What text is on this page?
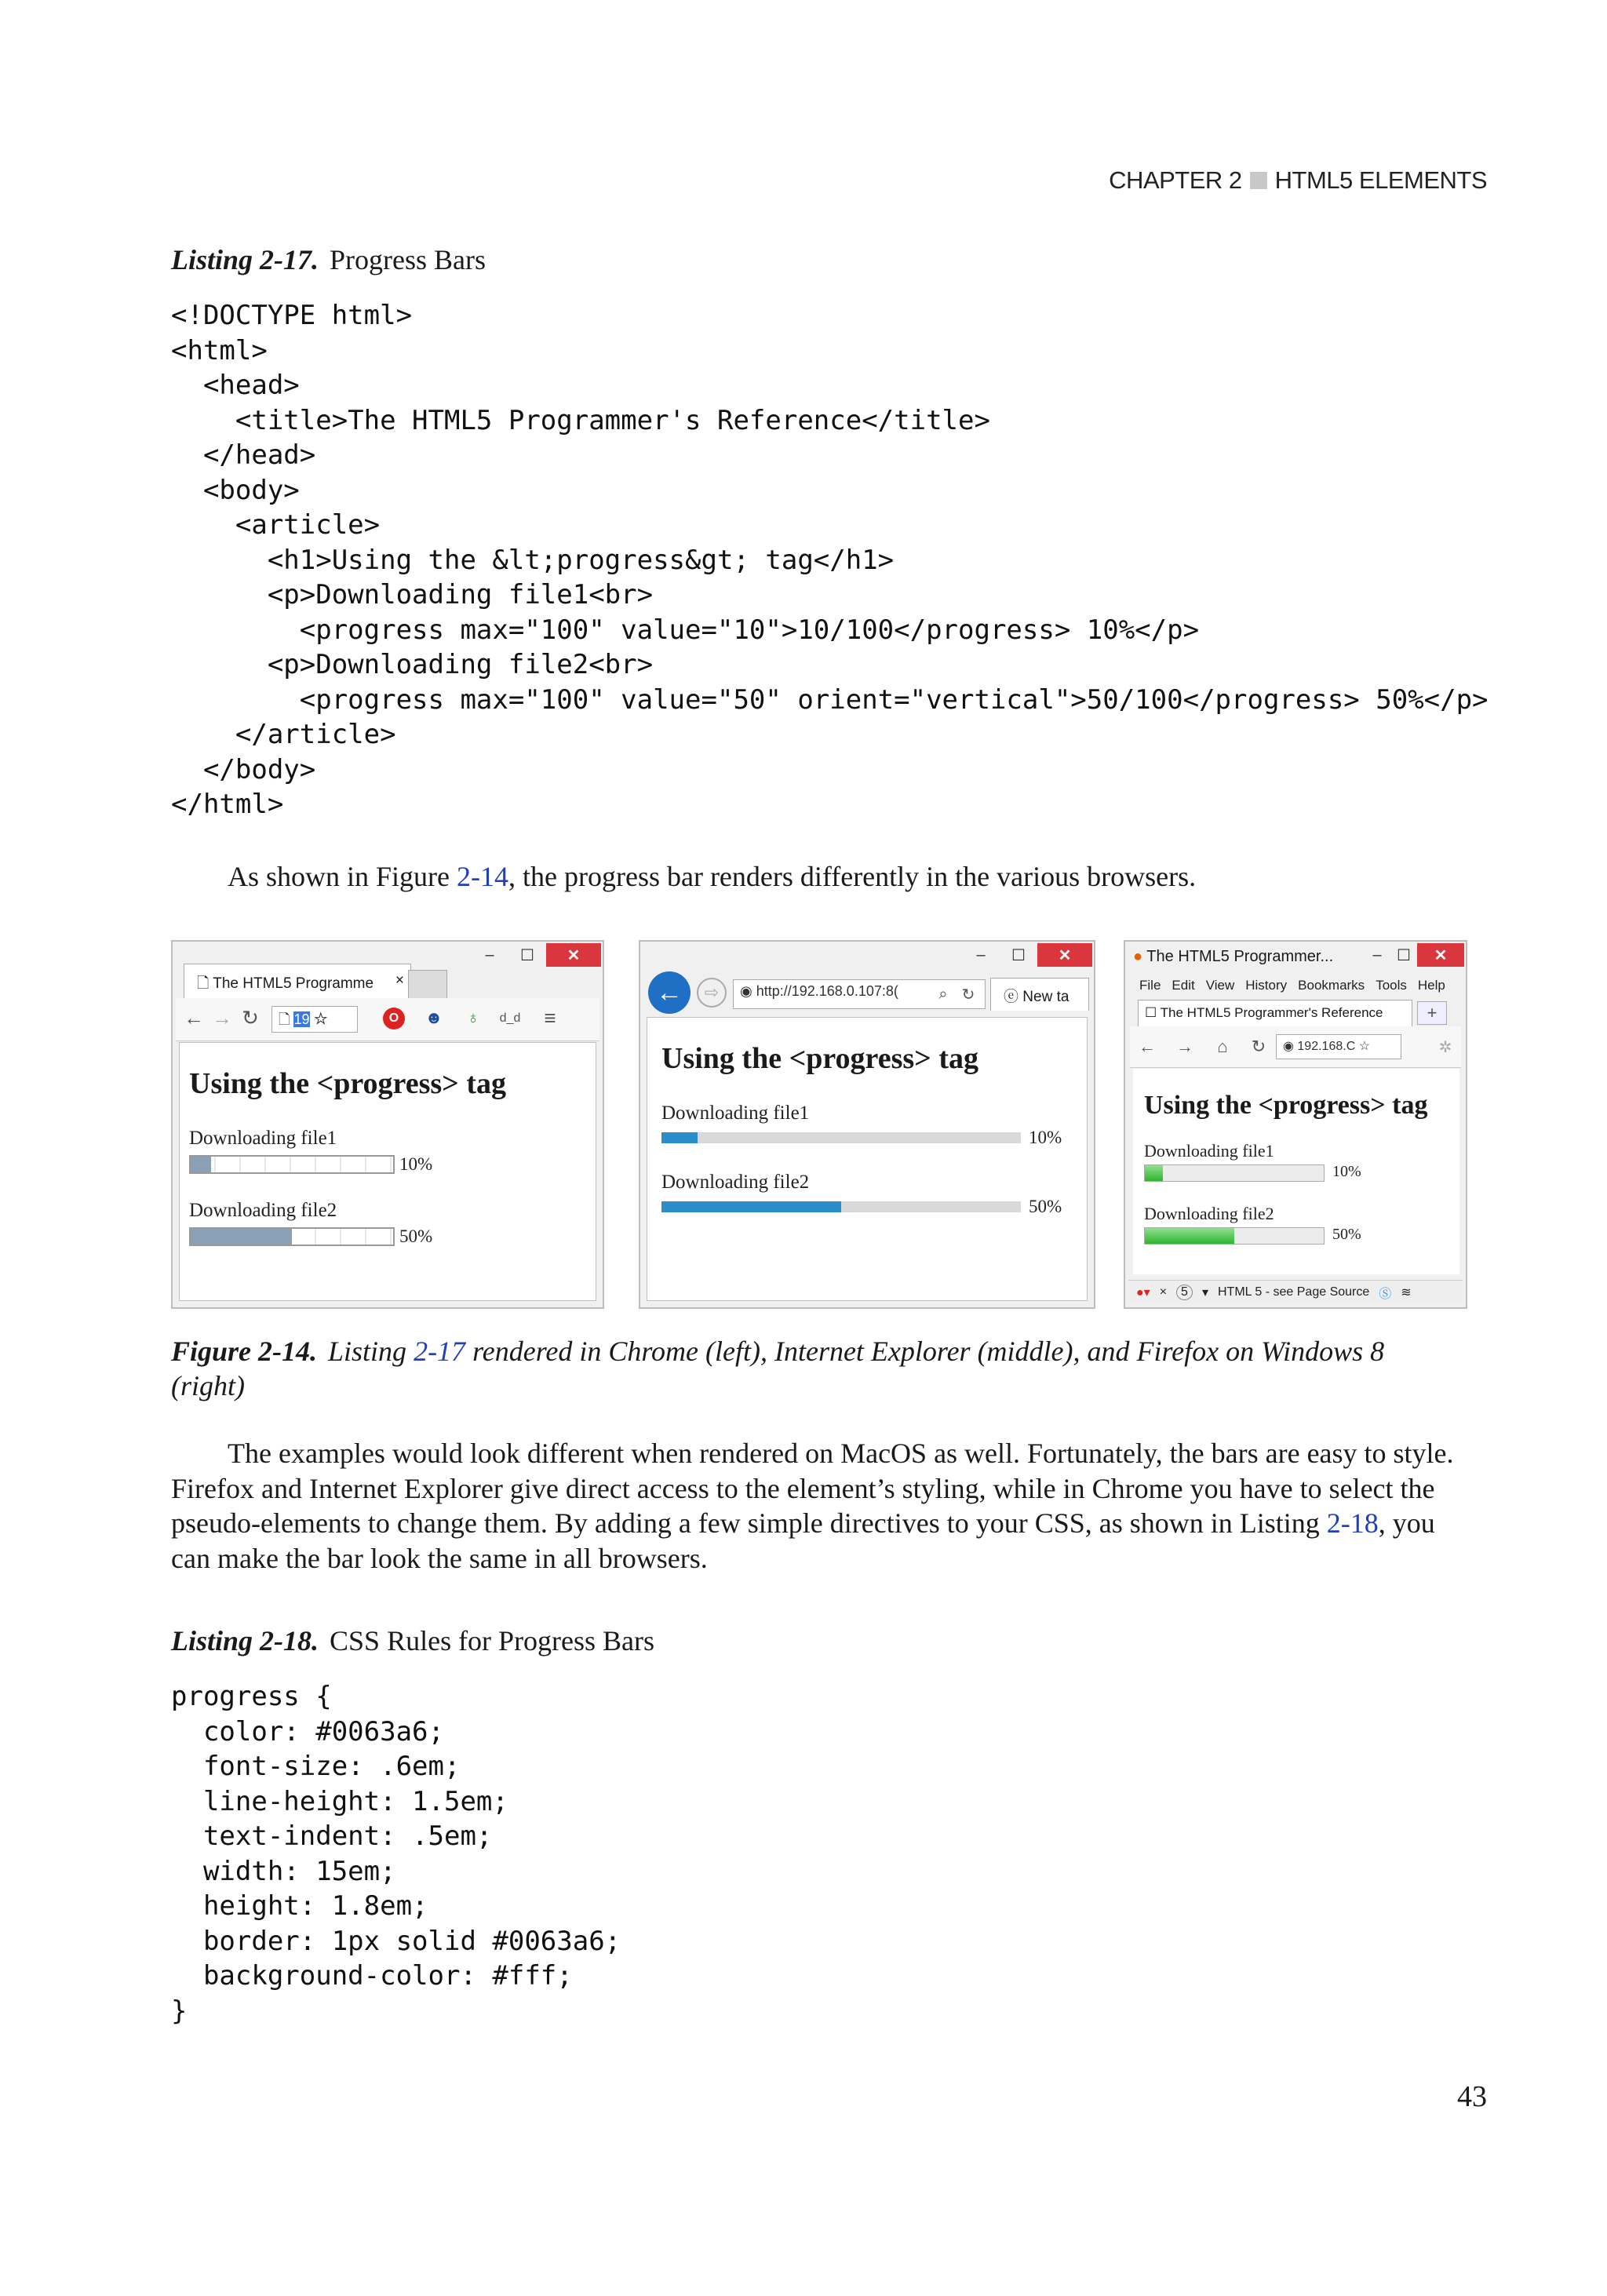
CHAPTER 2 HTML5 ELEMENTS
Listing 2-17. Progress Bars
<!DOCTYPE html>
<html>
<head>
<title>The HTML5 Programmer's Reference</title>
</head>
<body>
<article>
<h1>Using the &lt;progress&gt; tag</h1>
<p>Downloading file1<br>
<progress max="100" value="10">10/100</progress> 10%</p>
<p>Downloading file2<br>
<progress max="100" value="50" orient="vertical">50/100</progress> 50%</p>
</article>
</body>
</html>

As shown in Figure 2-14, the progress bar renders differently in the various browsers.

–	☐	✕
🗋 The HTML5 Programme ×
← → ↻	🗋 19 ☆	O	☻	♁	d_d	≡
Using the <progress> tag
Downloading file1
10%
Downloading file2
50%
–	☐	✕
←	⇨	◉ http://192.168.0.107:8(	⌕ ↻	ⓔ New ta
Using the <progress> tag
Downloading file1
10%
Downloading file2
50%
– ☐	✕
● The HTML5 Programmer...
File Edit View History Bookmarks Tools Help
☐ The HTML5 Programmer's Reference	+
← →	⌂	↻	◉ 192.168.C ☆	✲
Using the <progress> tag
Downloading file1
10%
Downloading file2
50%
●▾ ×	5	▾ HTML 5 - see Page Source Ⓢ ≋

Figure 2-14. Listing 2-17 rendered in Chrome (left), Internet Explorer (middle), and Firefox on Windows 8 (right)

The examples would look different when rendered on MacOS as well. Fortunately, the bars are easy to style. Firefox and Internet Explorer give direct access to the element’s styling, while in Chrome you have to select the pseudo-elements to change them. By adding a few simple directives to your CSS, as shown in Listing 2-18, you can make the bar look the same in all browsers.

Listing 2-18. CSS Rules for Progress Bars
progress {
color: #0063a6;
font-size: .6em;
line-height: 1.5em;
text-indent: .5em;
width: 15em;
height: 1.8em;
border: 1px solid #0063a6;
background-color: #fff;
}
43
